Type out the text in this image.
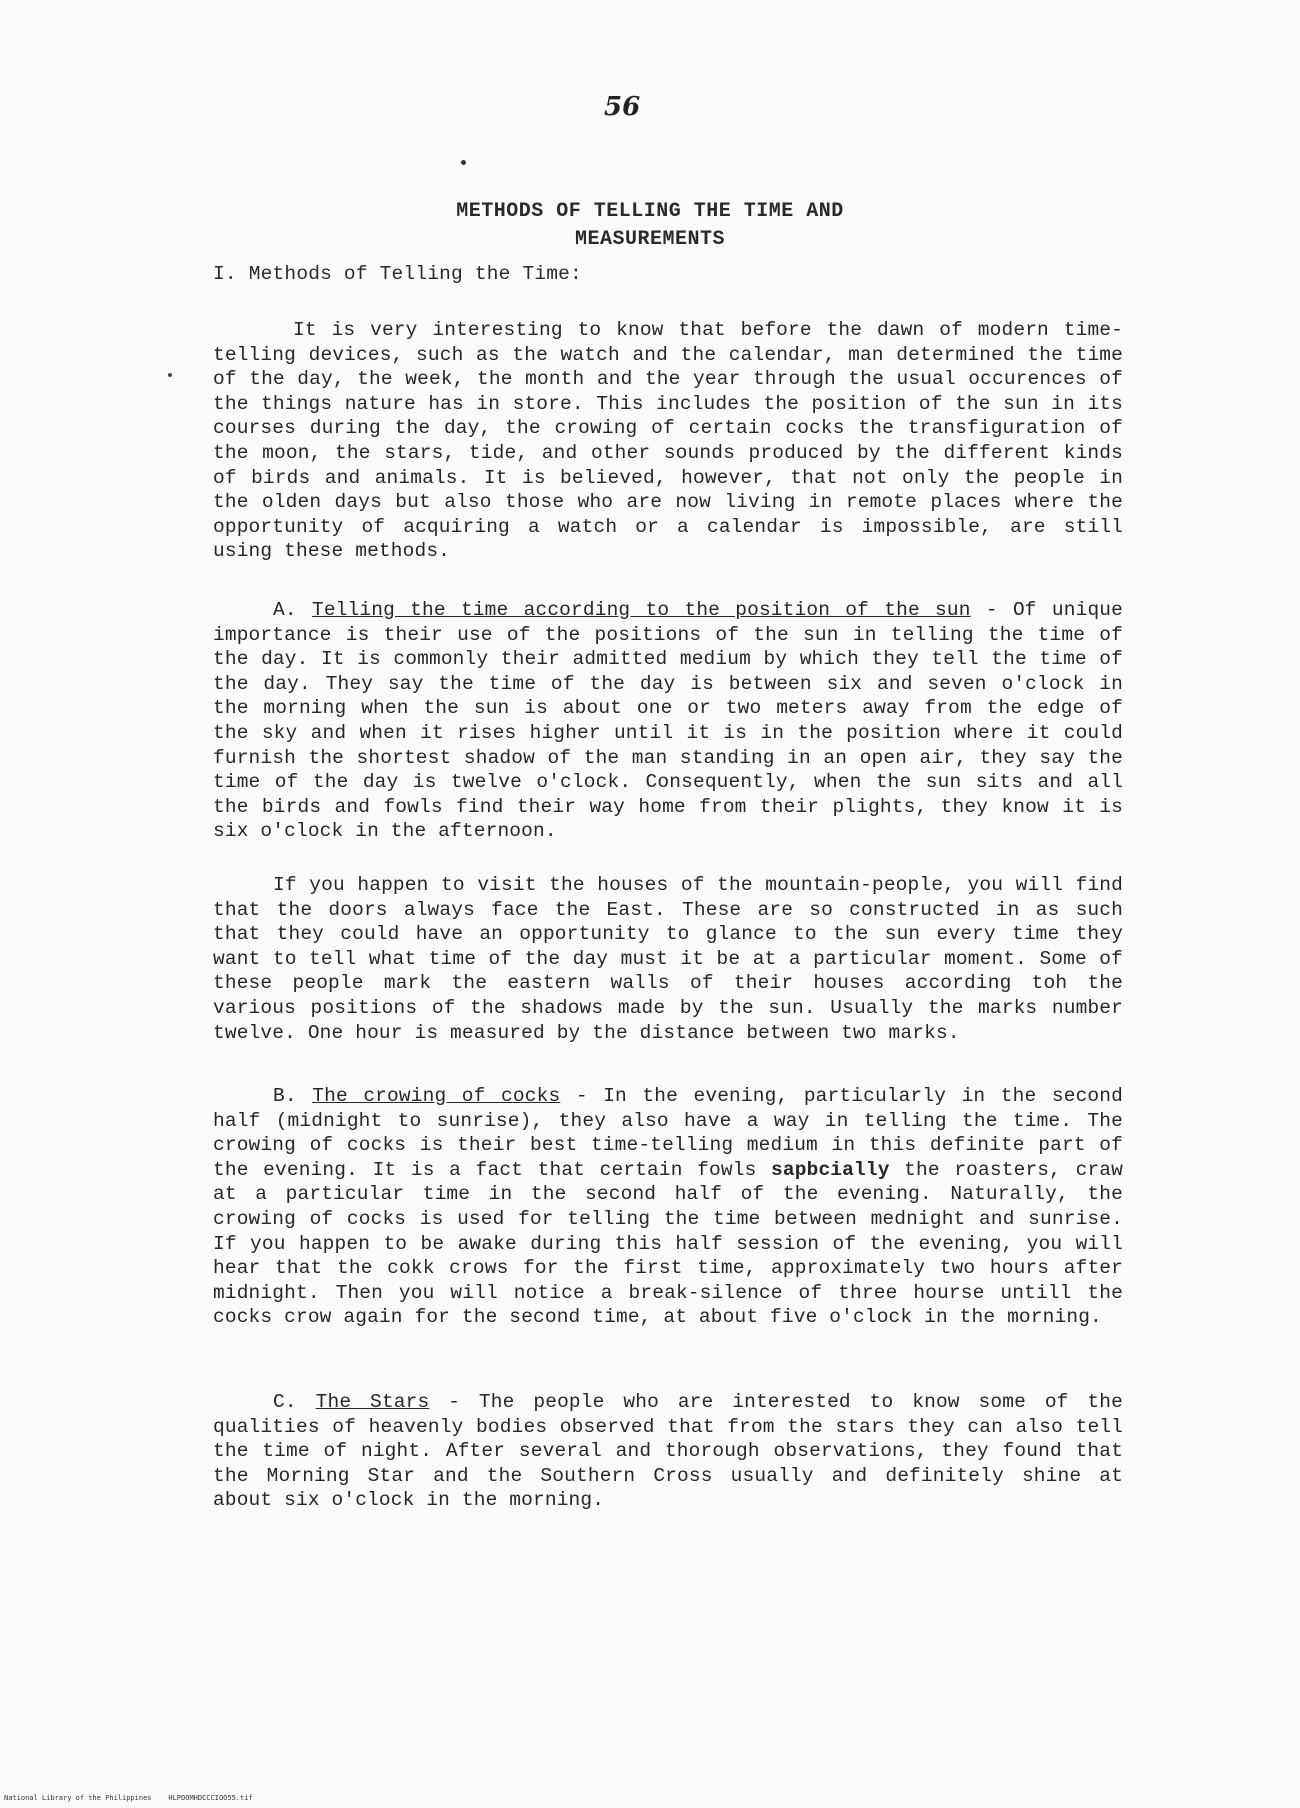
56
METHODS OF TELLING THE TIME AND
MEASUREMENTS
I. Methods of Telling the Time:

It is very interesting to know that before the dawn of modern time-telling devices, such as the watch and the calendar, man determined the time of the day, the week, the month and the year through the usual occurences of the things nature has in store. This includes the position of the sun in its courses during the day, the crowing of certain cocks the transfiguration of the moon, the stars, tide, and other sounds produced by the different kinds of birds and animals. It is believed, however, that not only the people in the olden days but also those who are now living in remote places where the opportunity of acquiring a watch or a calendar is impossible, are still using these methods.

A. Telling the time according to the position of the sun - Of unique importance is their use of the positions of the sun in telling the time of the day. It is commonly their admitted medium by which they tell the time of the day. They say the time of the day is between six and seven o'clock in the morning when the sun is about one or two meters away from the edge of the sky and when it rises higher until it is in the position where it could furnish the shortest shadow of the man standing in an open air, they say the time of the day is twelve o'clock. Consequently, when the sun sits and all the birds and fowls find their way home from their plights, they know it is six o'clock in the afternoon.

If you happen to visit the houses of the mountain-people, you will find that the doors always face the East. These are so constructed in as such that they could have an opportunity to glance to the sun every time they want to tell what time of the day must it be at a particular moment. Some of these people mark the eastern walls of their houses according toh the various positions of the shadows made by the sun. Usually the marks number twelve. One hour is measured by the distance between two marks.

B. The crowing of cocks - In the evening, particularly in the second half (midnight to sunrise), they also have a way in telling the time. The crowing of cocks is their best time-telling medium in this definite part of the evening. It is a fact that certain fowls sapbcially the roasters, craw at a particular time in the second half of the evening. Naturally, the crowing of cocks is used for telling the time between mednight and sunrise. If you happen to be awake during this half session of the evening, you will hear that the cokk crows for the first time, approximately two hours after midnight. Then you will notice a break-silence of three hourse untill the cocks crow again for the second time, at about five o'clock in the morning.

C. The Stars - The people who are interested to know some of the qualities of heavenly bodies observed that from the stars they can also tell the time of night. After several and thorough observations, they found that the Morning Star and the Southern Cross usually and definitely shine at about six o'clock in the morning.

National Library of the Philippines HLPOOMHDCCCIOO55.tif
